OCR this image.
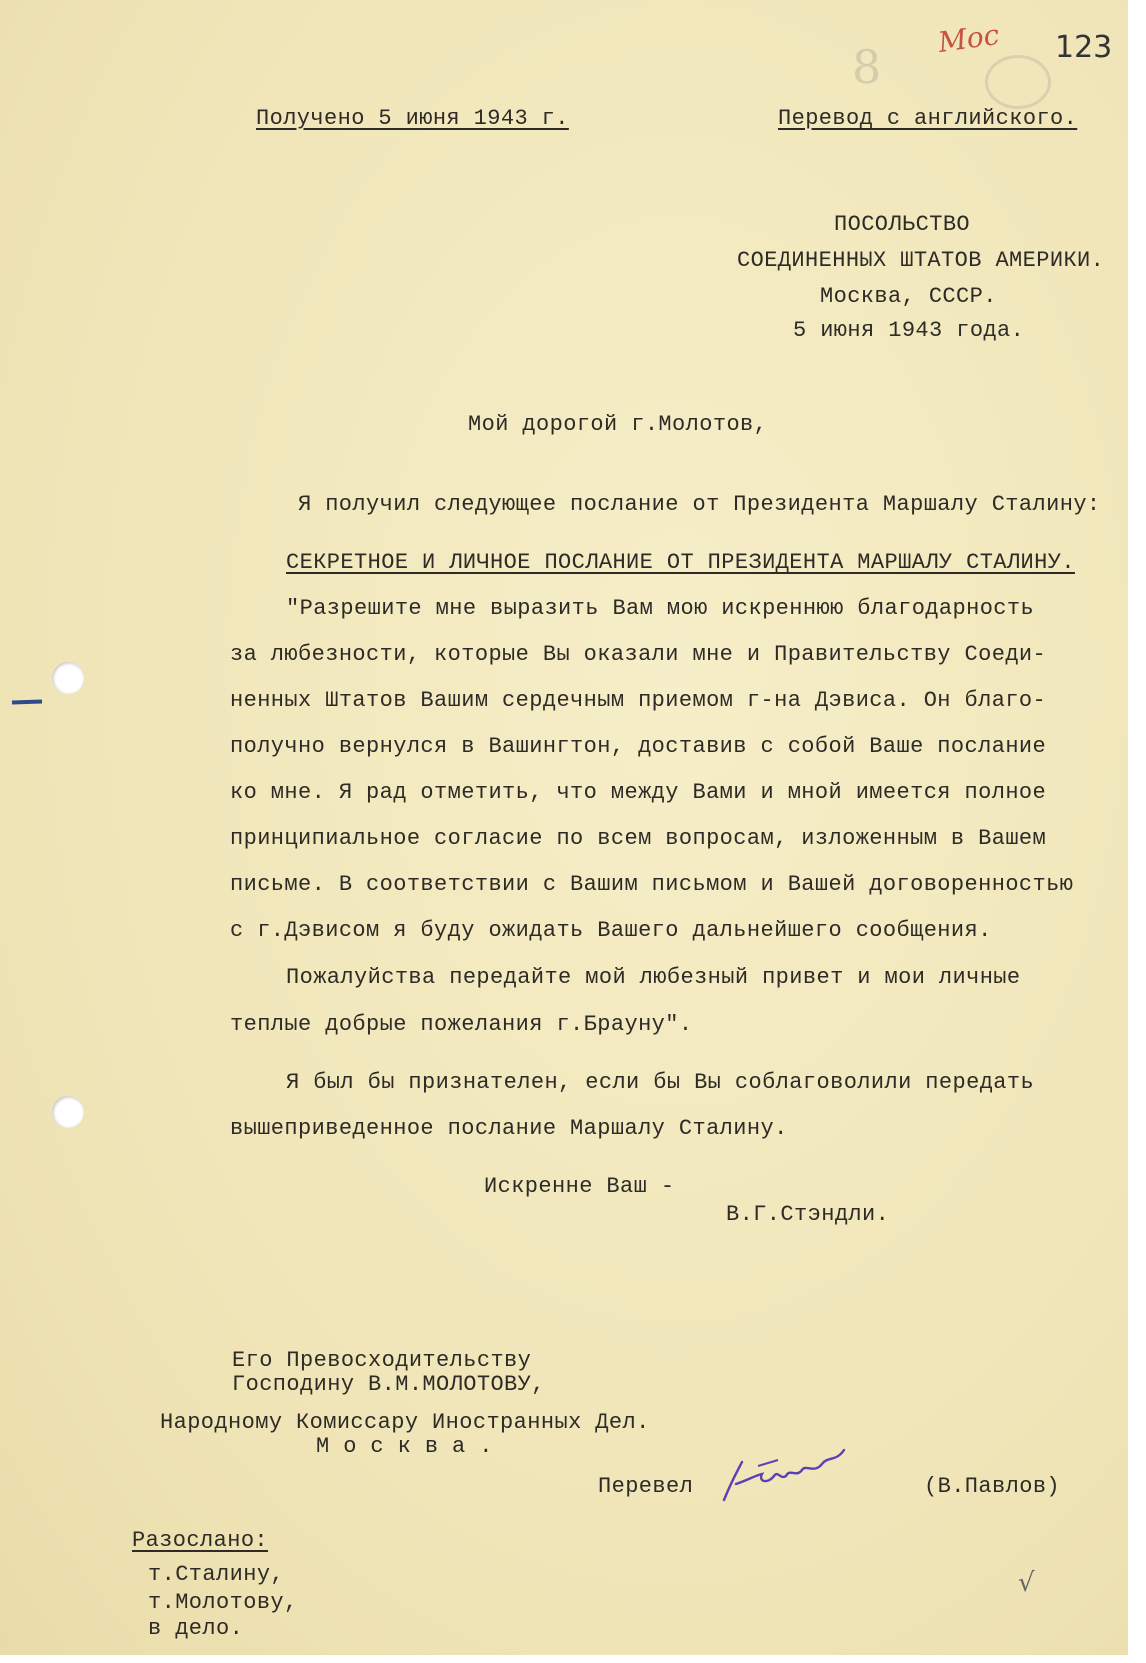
8
Мос 123
Получено 5 июня 1943 г.	Перевод с английского.
ПОСОЛЬСТВО
СОЕДИНЕННЫХ ШТАТОВ АМЕРИКИ.
Москва, СССР.
5 июня 1943 года.
Мой дорогой г.Молотов,
Я получил следующее послание от Президента Маршалу Сталину:
СЕКРЕТНОЕ И ЛИЧНОЕ ПОСЛАНИЕ ОТ ПРЕЗИДЕНТА МАРШАЛУ СТАЛИНУ.
"Разрешите мне выразить Вам мою искреннюю благодарность
за любезности, которые Вы оказали мне и Правительству Соеди-
ненных Штатов Вашим сердечным приемом г-на Дэвиса. Он благо-
получно вернулся в Вашингтон, доставив с собой Ваше послание
ко мне. Я рад отметить, что между Вами и мной имеется полное
принципиальное согласие по всем вопросам, изложенным в Вашем
письме. В соответствии с Вашим письмом и Вашей договоренностью
с г.Дэвисом я буду ожидать Вашего дальнейшего сообщения.
Пожалуйства передайте мой любезный привет и мои личные
теплые добрые пожелания г.Брауну".
Я был бы признателен, если бы Вы соблаговолили передать
вышеприведенное послание Маршалу Сталину.
Искренне Ваш -
В.Г.Стэндли.
Его Превосходительству
Господину В.М.МОЛОТОВУ,
Народному Комиссару Иностранных Дел.
М о с к в а .
Перевел	(В.Павлов)
Разослано:
т.Сталину,
т.Молотову,
в дело.
√
